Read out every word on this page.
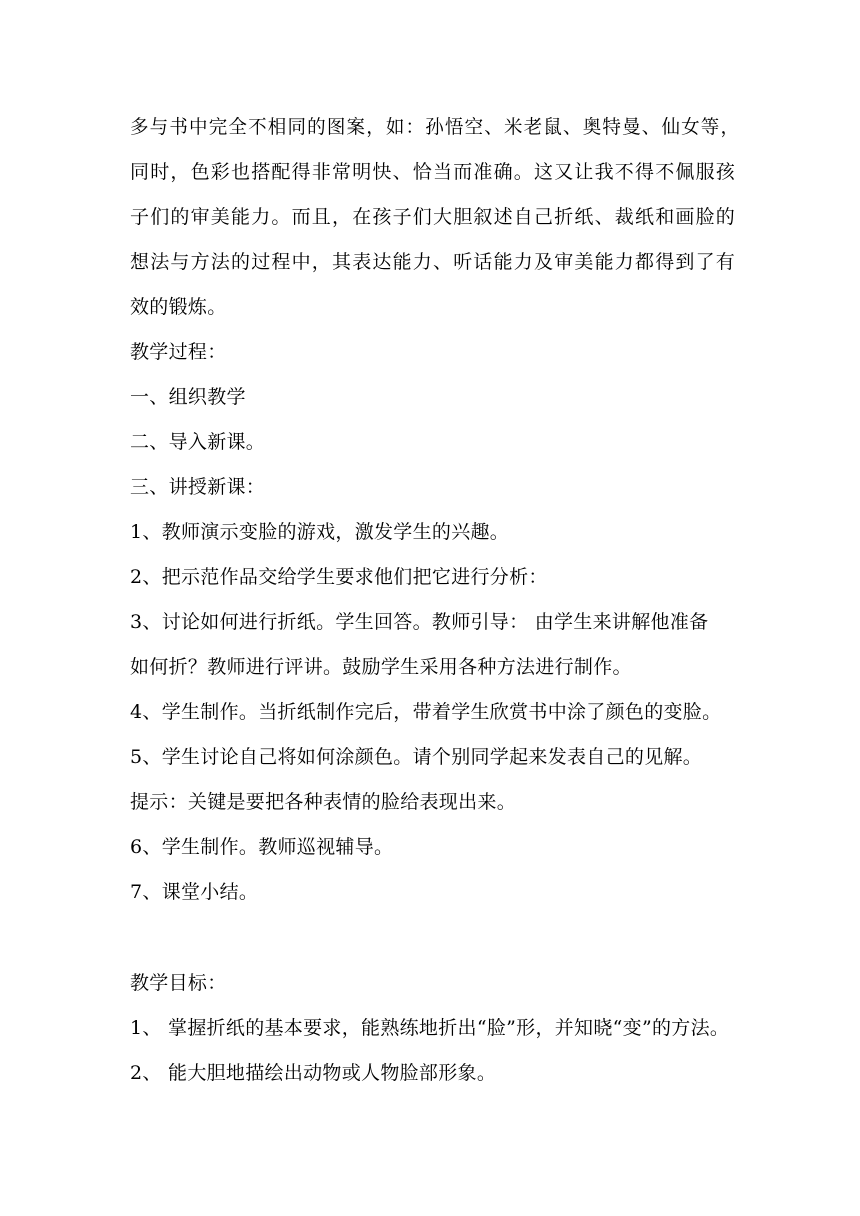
多与书中完全不相同的图案，如：孙悟空、米老鼠、奥特曼、仙女等，
同时，色彩也搭配得非常明快、恰当而准确。这又让我不得不佩服孩
子们的审美能力。而且，在孩子们大胆叙述自己折纸、裁纸和画脸的
想法与方法的过程中，其表达能力、听话能力及审美能力都得到了有
效的锻炼。
教学过程：
一、组织教学
二、导入新课。
三、讲授新课：
1、教师演示变脸的游戏，激发学生的兴趣。
2、把示范作品交给学生要求他们把它进行分析：
3、讨论如何进行折纸。学生回答。教师引导： 由学生来讲解他准备
如何折？教师进行评讲。鼓励学生采用各种方法进行制作。
4、学生制作。当折纸制作完后，带着学生欣赏书中涂了颜色的变脸。
5、学生讨论自己将如何涂颜色。请个别同学起来发表自己的见解。
提示：关键是要把各种表情的脸给表现出来。
6、学生制作。教师巡视辅导。
7、课堂小结。
教学目标：
1、 掌握折纸的基本要求，能熟练地折出“脸”形，并知晓“变”的方法。
2、 能大胆地描绘出动物或人物脸部形象。
